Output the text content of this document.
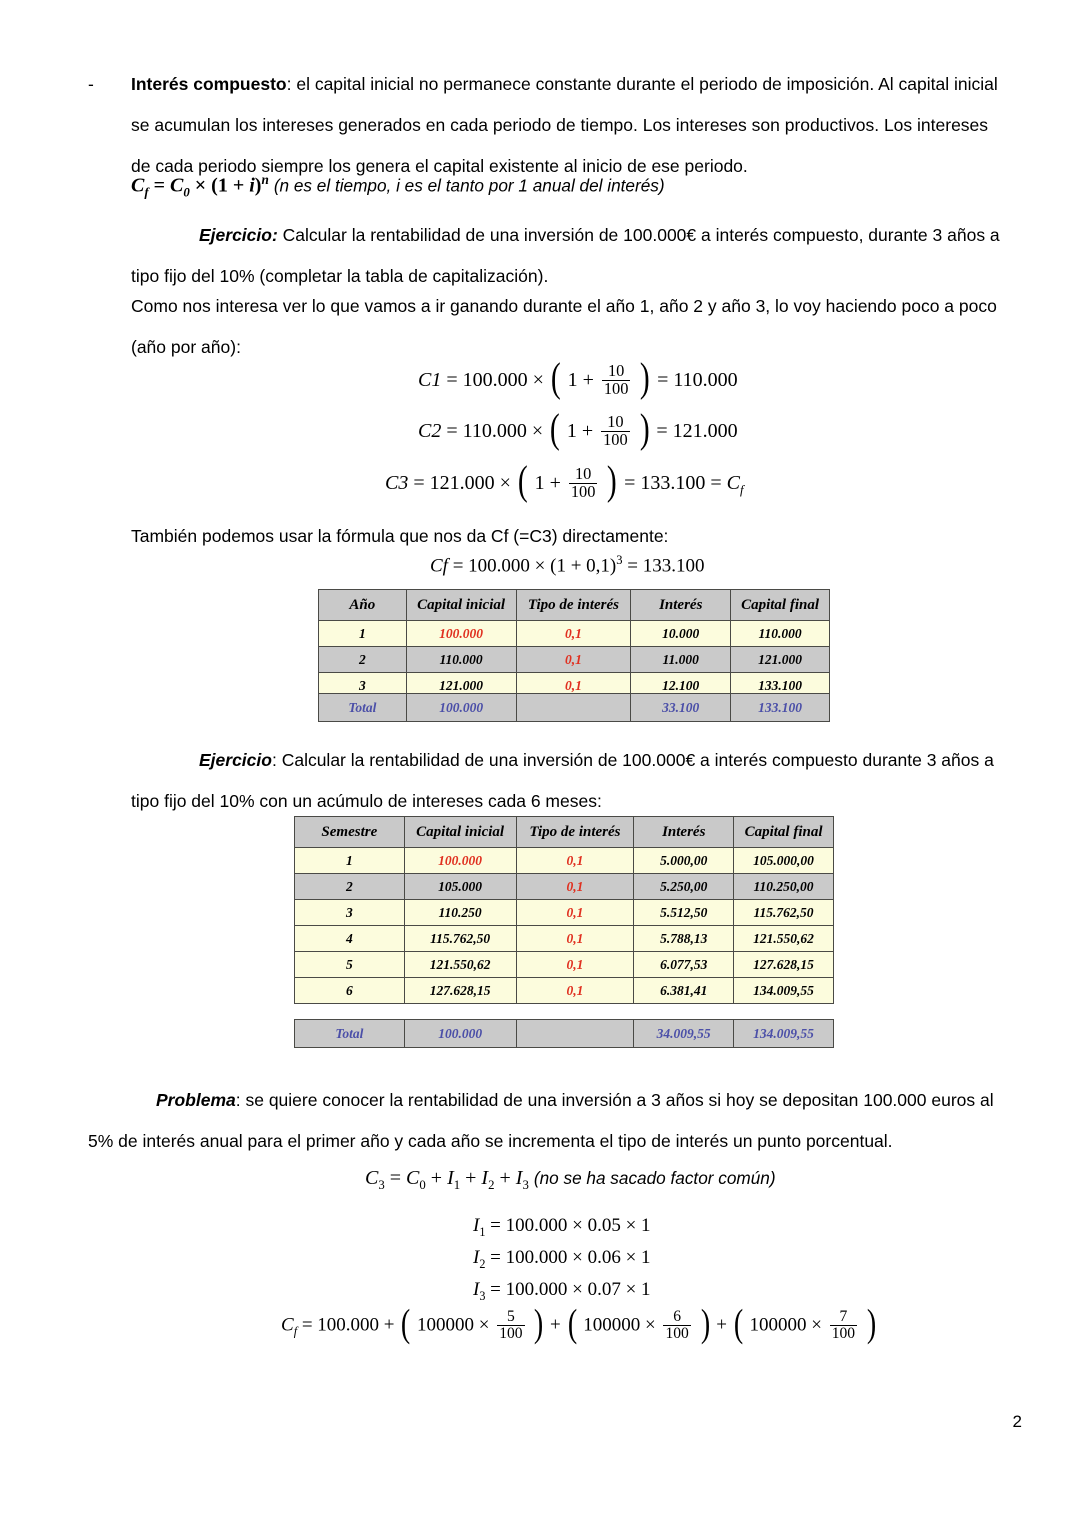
- Interés compuesto: el capital inicial no permanece constante durante el periodo de imposición. Al capital inicial se acumulan los intereses generados en cada periodo de tiempo. Los intereses son productivos. Los intereses de cada periodo siempre los genera el capital existente al inicio de ese periodo.
$C_f = C_0 \times (1 + i)^n$ (n es el tiempo, i es el tanto por 1 anual del interés)
Ejercicio: Calcular la rentabilidad de una inversión de 100.000€ a interés compuesto, durante 3 años a tipo fijo del 10% (completar la tabla de capitalización).
Como nos interesa ver lo que vamos a ir ganando durante el año 1, año 2 y año 3, lo voy haciendo poco a poco (año por año):
C1 = 100.000 × ( $1 + \frac{10}{100}$ ) = 110.000
C2 = 110.000 × ( $1 + \frac{10}{100}$ ) = 121.000
C3 = 121.000 × ( $1 + \frac{10}{100}$ ) = $133.100 = C_f$
También podemos usar la fórmula que nos da Cf (=C3) directamente:
$Cf = 100.000 \times (1 + 0,1)^3 = 133.100$
Año	Capital inicial	Tipo de interés	Interés	Capital final
1	100.000	0,1	10.000	110.000
2	110.000	0,1	11.000	121.000
3	121.000	0,1	12.100	133.100
Total	100.000		33.100	133.100
Ejercicio: Calcular la rentabilidad de una inversión de 100.000€ a interés compuesto durante 3 años a tipo fijo del 10% con un acúmulo de intereses cada 6 meses:
Semestre	Capital inicial	Tipo de interés	Interés	Capital final
1	100.000	0,1	5.000,00	105.000,00
2	105.000	0,1	5.250,00	110.250,00
3	110.250	0,1	5.512,50	115.762,50
4	115.762,50	0,1	5.788,13	121.550,62
5	121.550,62	0,1	6.077,53	127.628,15
6	127.628,15	0,1	6.381,41	134.009,55
Total	100.000		34.009,55	134.009,55
Problema: se quiere conocer la rentabilidad de una inversión a 3 años si hoy se depositan 100.000 euros al 5% de interés anual para el primer año y cada año se incrementa el tipo de interés un punto porcentual.
$C_3 = C_0 + I_1 + I_2 + I_3$ (no se ha sacado factor común)
$I_1 = 100.000 \times 0.05 \times 1$
$I_2 = 100.000 \times 0.06 \times 1$
$I_3 = 100.000 \times 0.07 \times 1$
$C_f = 100.000$ + ( $100000 \times \frac{5}{100}$ ) + ( $100000 \times \frac{6}{100}$ ) + ( $100000 \times \frac{7}{100}$ )
2
